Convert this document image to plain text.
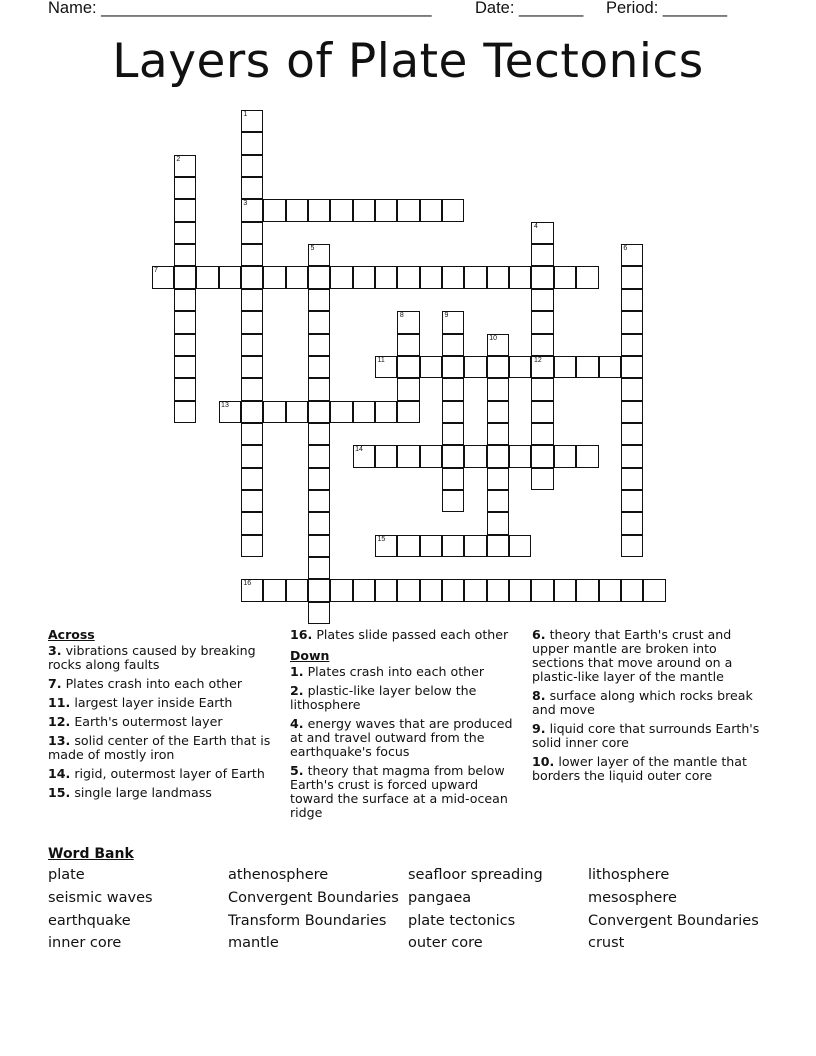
Name: ____________________________________	Date: _______ Period: _______
Layers of Plate Tectonics
1
3
2
4
12
5	6
7
8	9
10
11
13
14
15
16
Across
3. vibrations caused by breaking rocks along faults
7. Plates crash into each other
11. largest layer inside Earth
12. Earth's outermost layer
13. solid center of the Earth that is made of mostly iron
14. rigid, outermost layer of Earth
15. single large landmass
16. Plates slide passed each other
Down
1. Plates crash into each other
2. plastic-like layer below the lithosphere
4. energy waves that are produced at and travel outward from the earthquake's focus
5. theory that magma from below Earth's crust is forced upward toward the surface at a mid-ocean ridge
6. theory that Earth's crust and upper mantle are broken into sections that move around on a plastic-like layer of the mantle
8. surface along which rocks break and move
9. liquid core that surrounds Earth's solid inner core
10. lower layer of the mantle that borders the liquid outer core
Word Bank
plate
seismic waves
earthquake
inner core
athenosphere
Convergent Boundaries
Transform Boundaries
mantle
seafloor spreading
pangaea
plate tectonics
outer core
lithosphere
mesosphere
Convergent Boundaries
crust
